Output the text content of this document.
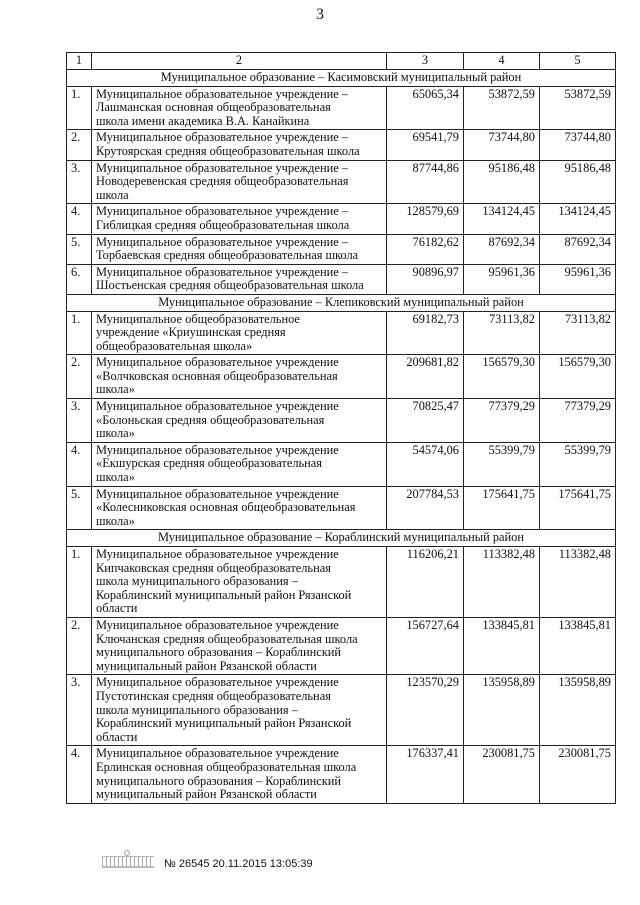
3
1	2	3	4	5
Муниципальное образование – Касимовский муниципальный район				
1.	Муниципальное образовательное учреждение –
Лашманская основная общеобразовательная
школа имени академика В.А. Канайкина	65065,34	53872,59	53872,59
2.	Муниципальное образовательное учреждение –
Крутоярская средняя общеобразовательная школа	69541,79	73744,80	73744,80
3.	Муниципальное образовательное учреждение –
Новодеревенская средняя общеобразовательная
школа	87744,86	95186,48	95186,48
4.	Муниципальное образовательное учреждение –
Гиблицкая средняя общеобразовательная школа	128579,69	134124,45	134124,45
5.	Муниципальное образовательное учреждение –
Торбаевская средняя общеобразовательная школа	76182,62	87692,34	87692,34
6.	Муниципальное образовательное учреждение –
Шостьенская средняя общеобразовательная школа	90896,97	95961,36	95961,36
Муниципальное образование – Клепиковский муниципальный район				
1.	Муниципальное общеобразовательное
учреждение «Криушинская средняя
общеобразовательная школа»	69182,73	73113,82	73113,82
2.	Муниципальное образовательное учреждение
«Волчковская основная общеобразовательная
школа»	209681,82	156579,30	156579,30
3.	Муниципальное образовательное учреждение
«Болоньская средняя общеобразовательная
школа»	70825,47	77379,29	77379,29
4.	Муниципальное образовательное учреждение
«Екшурская средняя общеобразовательная
школа»	54574,06	55399,79	55399,79
5.	Муниципальное образовательное учреждение
«Колесниковская основная общеобразовательная
школа»	207784,53	175641,75	175641,75
Муниципальное образование – Кораблинский муниципальный район				
1.	Муниципальное образовательное учреждение
Кипчаковская средняя общеобразовательная
школа муниципального образования –
Кораблинский муниципальный район Рязанской
области	116206,21	113382,48	113382,48
2.	Муниципальное образовательное учреждение
Ключанская средняя общеобразовательная школа
муниципального образования – Кораблинский
муниципальный район Рязанской области	156727,64	133845,81	133845,81
3.	Муниципальное образовательное учреждение
Пустотинская средняя общеобразовательная
школа муниципального образования –
Кораблинский муниципальный район Рязанской
области	123570,29	135958,89	135958,89
4.	Муниципальное образовательное учреждение
Ерлинская основная общеобразовательная школа
муниципального образования – Кораблинский
муниципальный район Рязанской области	176337,41	230081,75	230081,75
№ 26545 20.11.2015 13:05:39
